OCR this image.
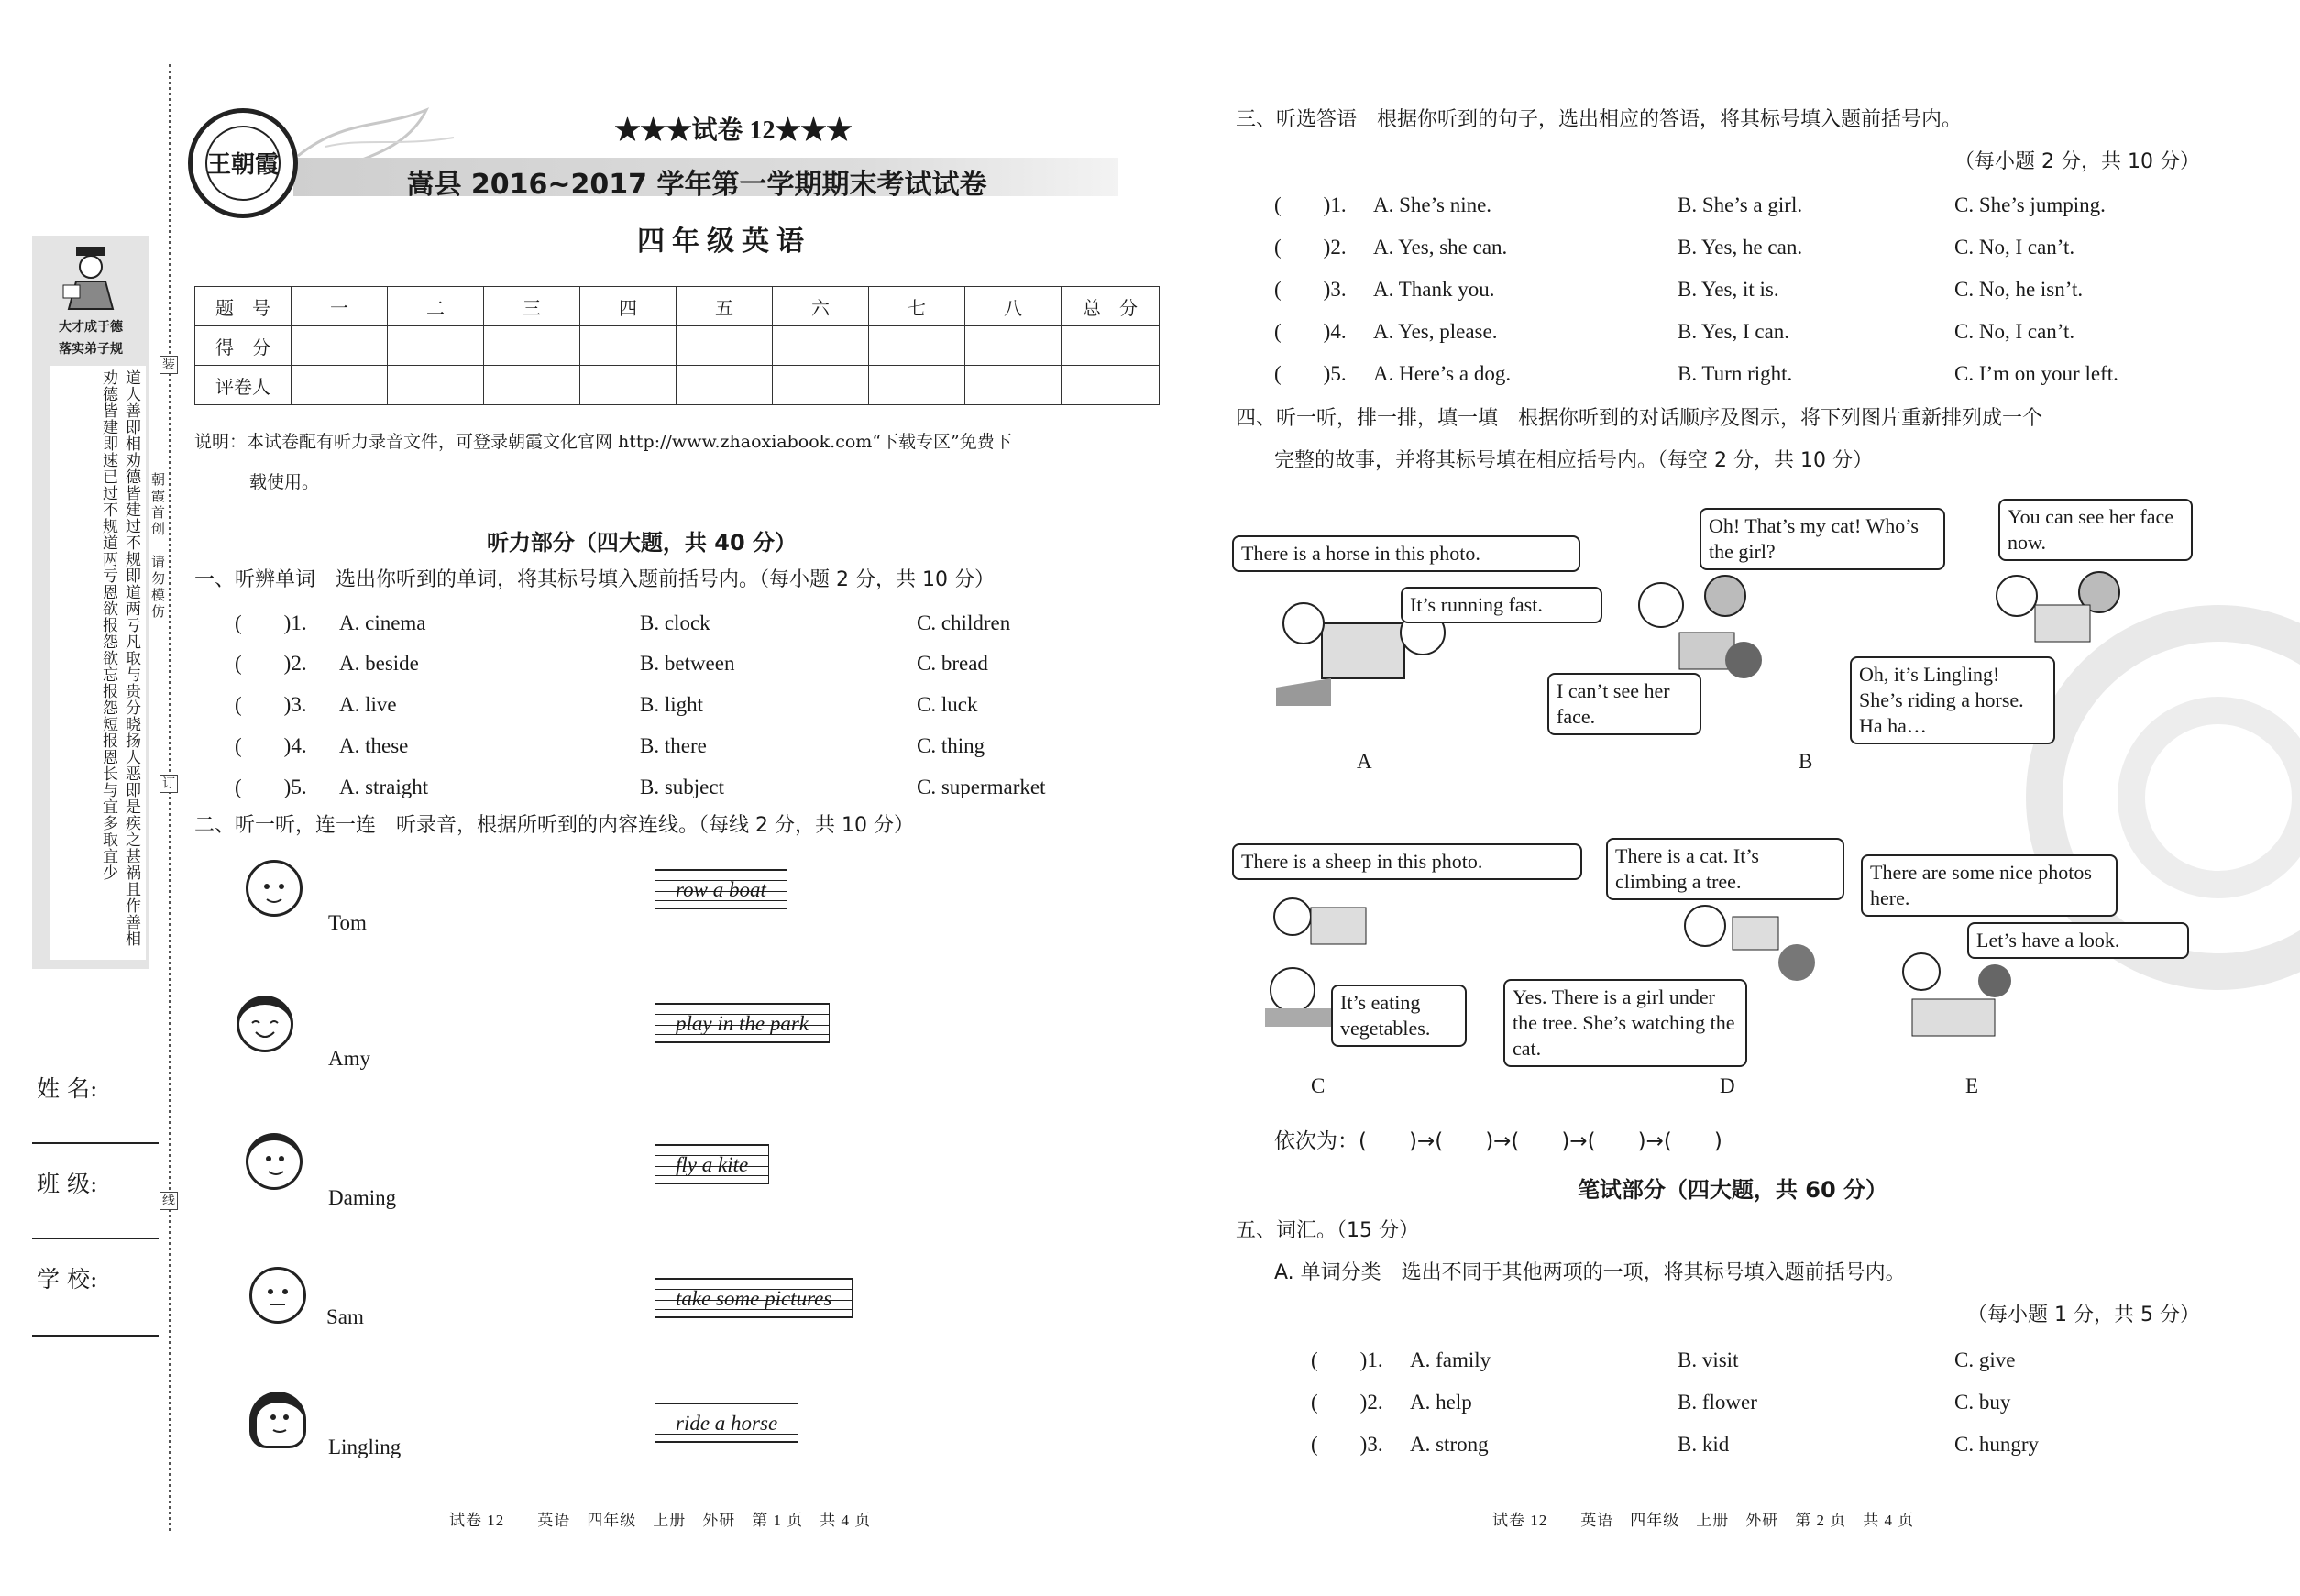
装
订
线
朝霞首创　请勿模仿
大才成于德
落实弟子规
道人善即相劝德皆建过不规即道两亏凡取与贵分晓扬人恶即是疾之甚祸且作善相劝德皆建即速已过不规道两亏恩欲报怨欲忘报怨短报恩长与宜多取宜少
姓 名:
班 级:
学 校:
王朝霞
★★★试卷 12★★★
嵩县 2016~2017 学年第一学期期末考试试卷
四年级英语
题　号	一	二	三	四	五	六	七	八	总　分
得　分									
评卷人									
说明：本试卷配有听力录音文件，可登录朝霞文化官网 http://www.zhaoxiabook.com“下载专区”免费下
载使用。
听力部分（四大题，共 40 分）
一、听辨单词　选出你听到的单词，将其标号填入题前括号内。（每小题 2 分，共 10 分）
(　　)1. A. cinema	B. clock	C. children
(　　)2. A. beside	B. between	C. bread
(　　)3. A. live	B. light	C. luck
(　　)4. A. these	B. there	C. thing
(　　)5. A. straight	B. subject	C. supermarket
二、听一听，连一连　听录音，根据所听到的内容连线。（每线 2 分，共 10 分）
Tom
Amy
Daming
Sam
Lingling
row a boat
play in the park
fly a kite
take some pictures
ride a horse
试卷 12　　英语　四年级　上册　外研　第 1 页　共 4 页
三、听选答语　根据你听到的句子，选出相应的答语，将其标号填入题前括号内。
（每小题 2 分，共 10 分）
(　　)1. A. She’s nine.	B. She’s a girl.	C. She’s jumping.
(　　)2. A. Yes, she can.	B. Yes, he can.	C. No, I can’t.
(　　)3. A. Thank you.	B. Yes, it is.	C. No, he isn’t.
(　　)4. A. Yes, please.	B. Yes, I can.	C. No, I can’t.
(　　)5. A. Here’s a dog.	B. Turn right.	C. I’m on your left.
四、听一听，排一排，填一填　根据你听到的对话顺序及图示，将下列图片重新排列成一个
完整的故事，并将其标号填在相应括号内。（每空 2 分，共 10 分）
There is a horse in this photo.
It’s running fast.
Oh! That’s my cat! Who’s the girl?
I can’t see her face.
You can see her face now.
Oh, it’s Lingling! She’s riding a horse. Ha ha…
There is a sheep in this photo.
It’s eating vegetables.
There is a cat. It’s climbing a tree.
Yes. There is a girl under the tree. She’s watching the cat.
There are some nice photos here.
Let’s have a look.
A	B
C	D	E
依次为：(　　)→(　　)→(　　)→(　　)→(　　)
笔试部分（四大题，共 60 分）
五、词汇。（15 分）
A. 单词分类　选出不同于其他两项的一项，将其标号填入题前括号内。
（每小题 1 分，共 5 分）
(　　)1. A. family	B. visit	C. give
(　　)2. A. help	B. flower	C. buy
(　　)3. A. strong	B. kid	C. hungry
试卷 12　　英语　四年级　上册　外研　第 2 页　共 4 页
